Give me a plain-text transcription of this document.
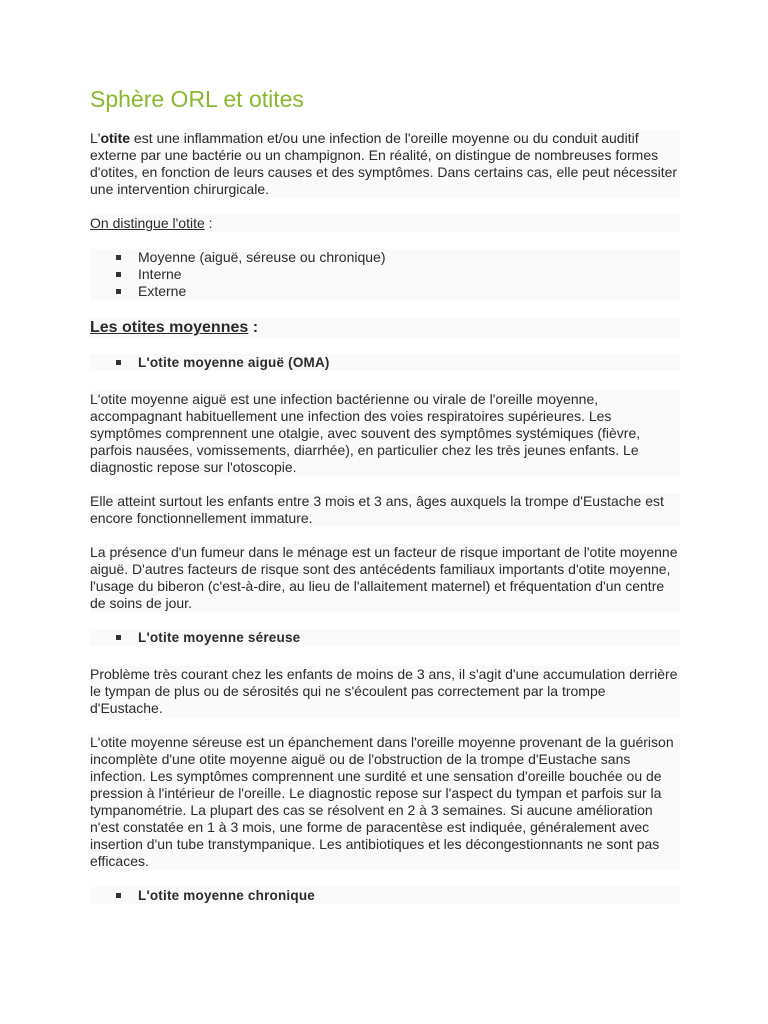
Sphère ORL et otites

L'otite est une inflammation et/ou une infection de l'oreille moyenne ou du conduit auditif externe par une bactérie ou un champignon. En réalité, on distingue de nombreuses formes d'otites, en fonction de leurs causes et des symptômes. Dans certains cas, elle peut nécessiter une intervention chirurgicale.

On distingue l'otite :

Moyenne (aiguë, séreuse ou chronique)
Interne
Externe
Les otites moyennes :
L'otite moyenne aiguë (OMA)

L'otite moyenne aiguë est une infection bactérienne ou virale de l'oreille moyenne, accompagnant habituellement une infection des voies respiratoires supérieures. Les symptômes comprennent une otalgie, avec souvent des symptômes systémiques (fièvre, parfois nausées, vomissements, diarrhée), en particulier chez les très jeunes enfants. Le diagnostic repose sur l'otoscopie.

Elle atteint surtout les enfants entre 3 mois et 3 ans, âges auxquels la trompe d'Eustache est encore fonctionnellement immature.

La présence d'un fumeur dans le ménage est un facteur de risque important de l'otite moyenne aiguë. D'autres facteurs de risque sont des antécédents familiaux importants d'otite moyenne, l'usage du biberon (c'est-à-dire, au lieu de l'allaitement maternel) et fréquentation d'un centre de soins de jour.

L'otite moyenne séreuse

Problème très courant chez les enfants de moins de 3 ans, il s'agit d'une accumulation derrière le tympan de plus ou de sérosités qui ne s'écoulent pas correctement par la trompe d'Eustache.

L'otite moyenne séreuse est un épanchement dans l'oreille moyenne provenant de la guérison incomplète d'une otite moyenne aiguë ou de l'obstruction de la trompe d'Eustache sans infection. Les symptômes comprennent une surdité et une sensation d'oreille bouchée ou de pression à l'intérieur de l'oreille. Le diagnostic repose sur l'aspect du tympan et parfois sur la tympanométrie. La plupart des cas se résolvent en 2 à 3 semaines. Si aucune amélioration n'est constatée en 1 à 3 mois, une forme de paracentèse est indiquée, généralement avec insertion d'un tube transtympanique. Les antibiotiques et les décongestionnants ne sont pas efficaces.

L'otite moyenne chronique
